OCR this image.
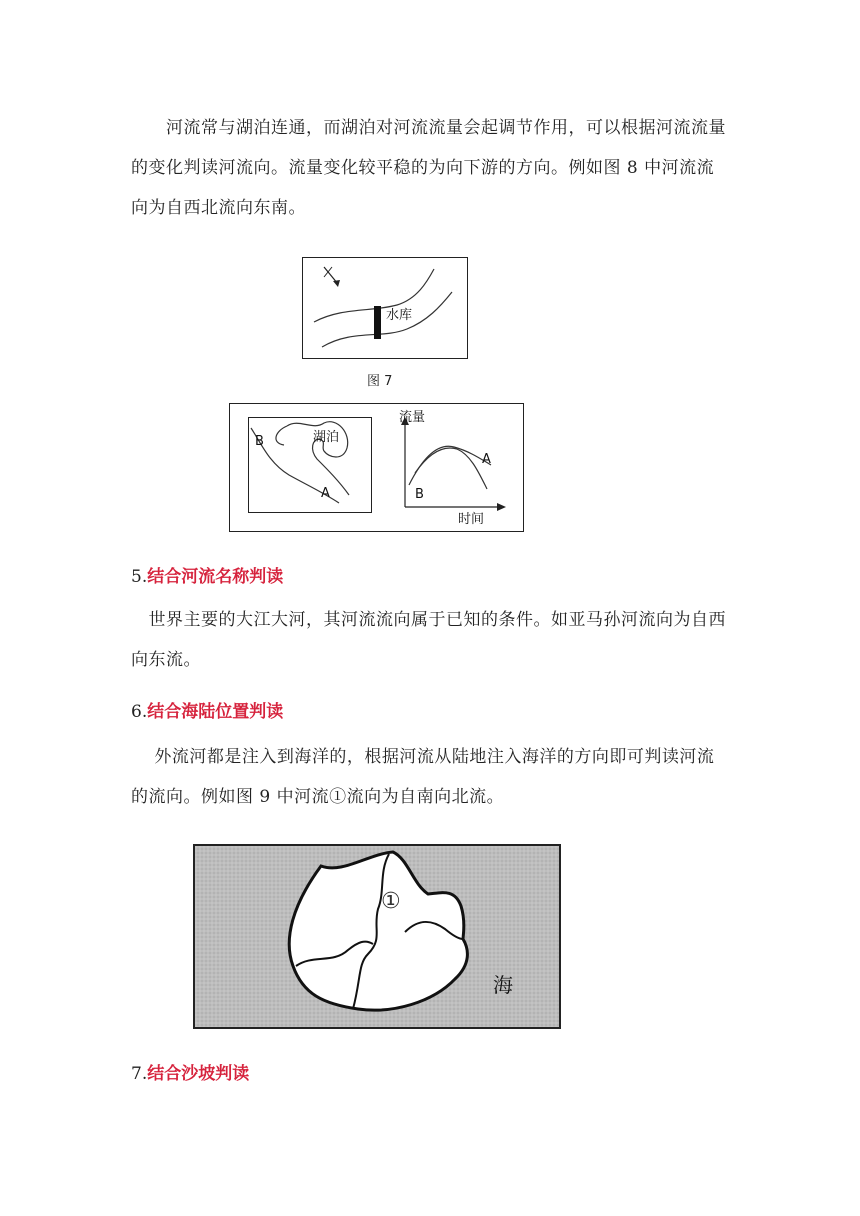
　　河流常与湖泊连通，而湖泊对河流流量会起调节作用，可以根据河流流量的变化判读河流向。流量变化较平稳的为向下游的方向。例如图 8 中河流流向为自西北流向东南。

水库
图 7
B	湖泊
A
流量
时间
A
B
5.结合河流名称判读

　世界主要的大江大河，其河流流向属于已知的条件。如亚马孙河流向为自西向东流。

6.结合海陆位置判读

　 外流河都是注入到海洋的，根据河流从陆地注入海洋的方向即可判读河流的流向。例如图 9 中河流①流向为自南向北流。

①
海
7.结合沙坡判读
